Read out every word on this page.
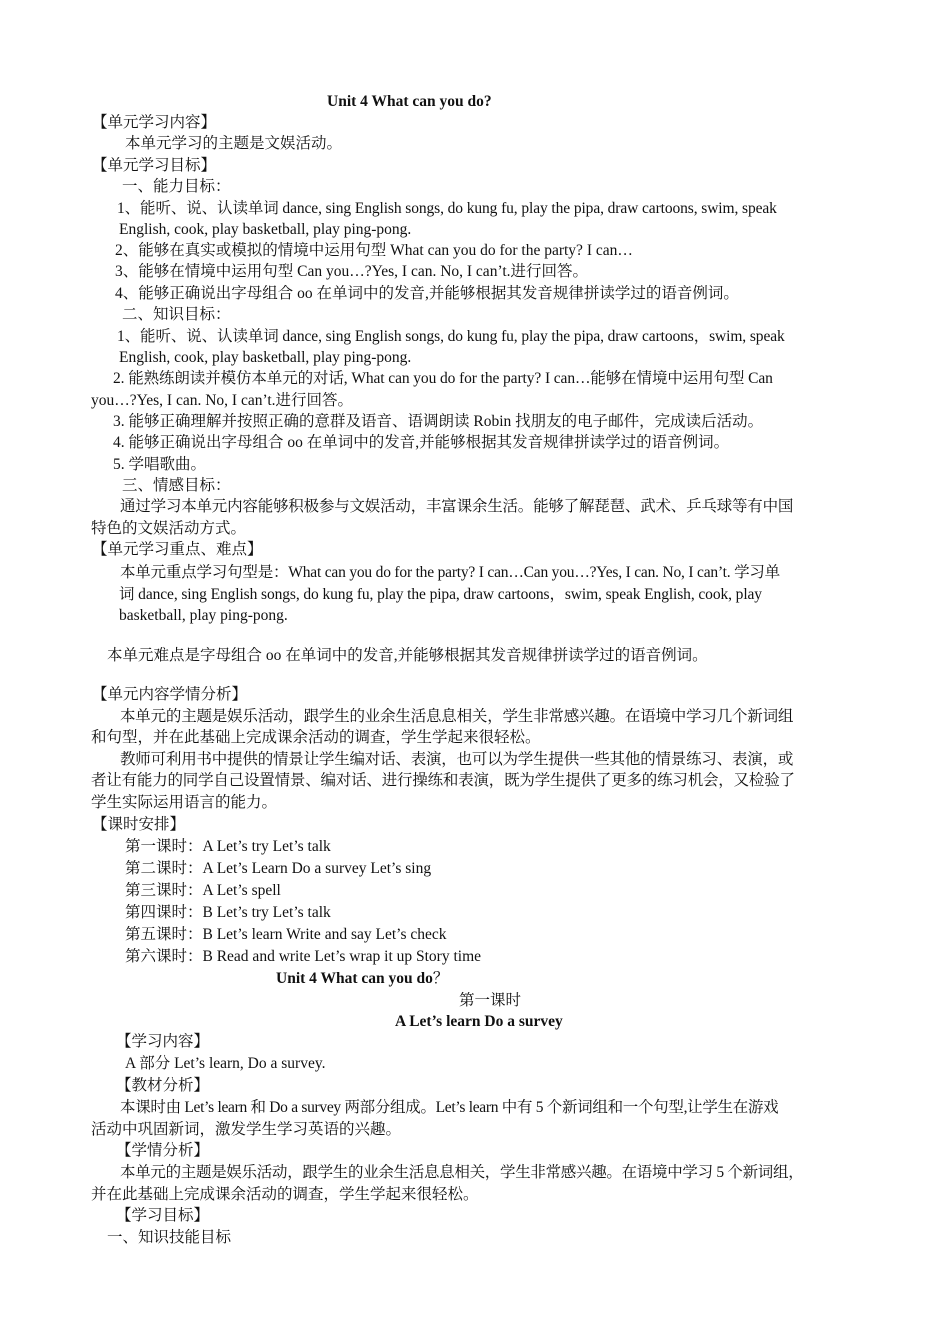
Unit 4 What can you do?
【单元学习内容】
本单元学习的主题是文娱活动。
【单元学习目标】
一、能力目标：
1、能听、说、认读单词 dance, sing English songs, do kung fu, play the pipa, draw cartoons, swim, speak
English, cook, play basketball, play ping-pong.
2、能够在真实或模拟的情境中运用句型 What can you do for the party? I can…
3、能够在情境中运用句型 Can you…?Yes, I can. No, I can’t.进行回答。
4、能够正确说出字母组合 oo 在单词中的发音,并能够根据其发音规律拼读学过的语音例词。
二、知识目标：
1、能听、说、认读单词 dance, sing English songs, do kung fu, play the pipa, draw cartoons，swim, speak
English, cook, play basketball, play ping-pong.
2. 能熟练朗读并模仿本单元的对话, What can you do for the party? I can…能够在情境中运用句型 Can
you…?Yes, I can. No, I can’t.进行回答。
3. 能够正确理解并按照正确的意群及语音、语调朗读 Robin 找朋友的电子邮件，完成读后活动。
4. 能够正确说出字母组合 oo 在单词中的发音,并能够根据其发音规律拼读学过的语音例词。
5. 学唱歌曲。
三、情感目标：
通过学习本单元内容能够积极参与文娱活动，丰富课余生活。能够了解琵琶、武术、乒乓球等有中国
特色的文娱活动方式。
【单元学习重点、难点】
本单元重点学习句型是：What can you do for the party? I can…Can you…?Yes, I can. No, I can’t. 学习单
词 dance, sing English songs, do kung fu, play the pipa, draw cartoons，swim, speak English, cook, play
basketball, play ping-pong.
本单元难点是字母组合 oo 在单词中的发音,并能够根据其发音规律拼读学过的语音例词。
【单元内容学情分析】
本单元的主题是娱乐活动，跟学生的业余生活息息相关，学生非常感兴趣。在语境中学习几个新词组
和句型，并在此基础上完成课余活动的调查，学生学起来很轻松。
教师可利用书中提供的情景让学生编对话、表演，也可以为学生提供一些其他的情景练习、表演，或
者让有能力的同学自己设置情景、编对话、进行操练和表演，既为学生提供了更多的练习机会，又检验了
学生实际运用语言的能力。
【课时安排】
第一课时：A Let’s try Let’s talk
第二课时：A Let’s Learn Do a survey Let’s sing
第三课时：A Let’s spell
第四课时：B Let’s try Let’s talk
第五课时：B Let’s learn Write and say Let’s check
第六课时：B Read and write Let’s wrap it up Story time
Unit 4 What can you do？
第一课时
A Let’s learn Do a survey
【学习内容】
A 部分 Let’s learn, Do a survey.
【教材分析】
本课时由 Let’s learn 和 Do a survey 两部分组成。Let’s learn 中有 5 个新词组和一个句型,让学生在游戏
活动中巩固新词，激发学生学习英语的兴趣。
【学情分析】
本单元的主题是娱乐活动，跟学生的业余生活息息相关，学生非常感兴趣。在语境中学习 5 个新词组，
并在此基础上完成课余活动的调查，学生学起来很轻松。
【学习目标】
一、知识技能目标
